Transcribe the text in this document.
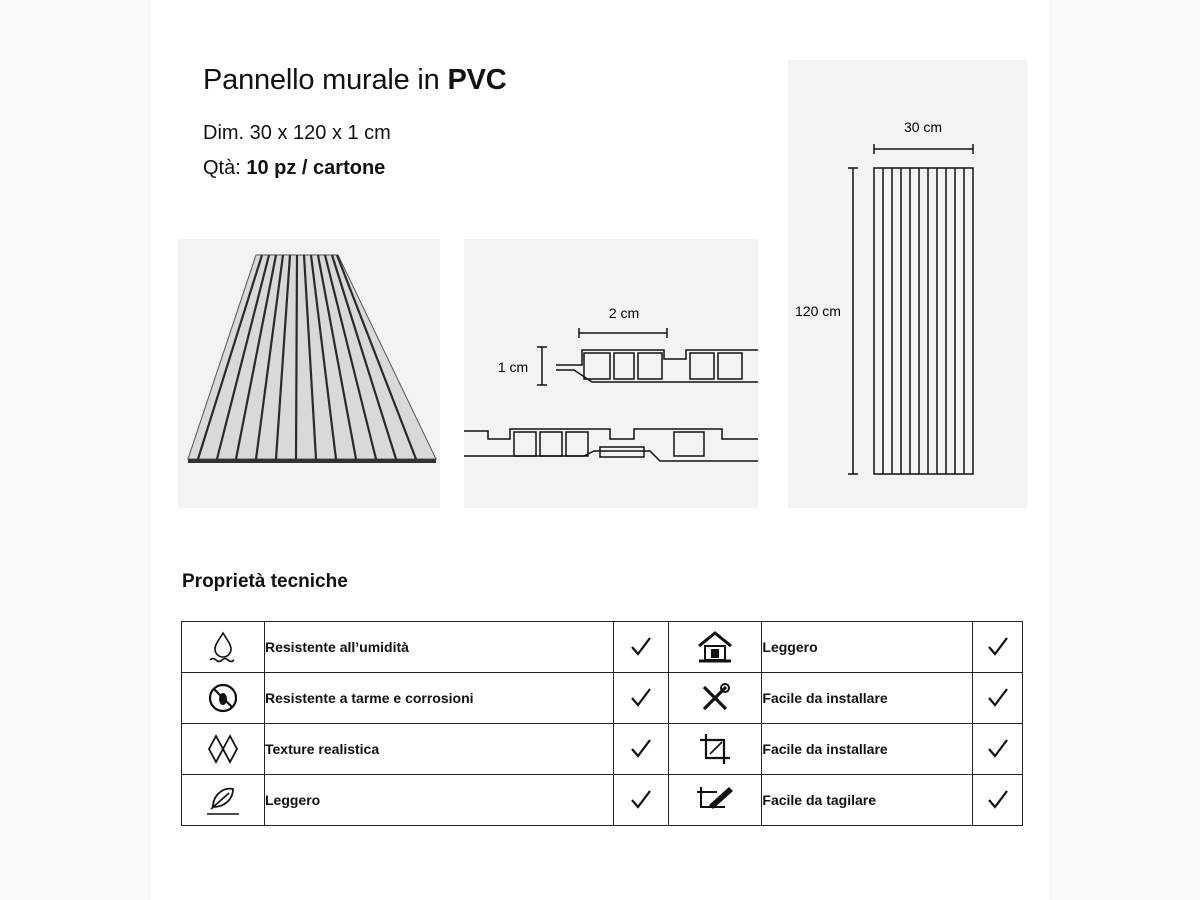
Pannello murale in PVC
Dim. 30 x 120 x 1 cm
Qtà: 10 pz / cartone
2 cm
1 cm
30 cm
120 cm
Proprietà tecniche
	Resistente all’umidità			Leggero	

	Resistente a tarme e corrosioni			Facile da installare	

	Texture realistica			Facile da installare	

	Leggero			Facile da tagilare	
